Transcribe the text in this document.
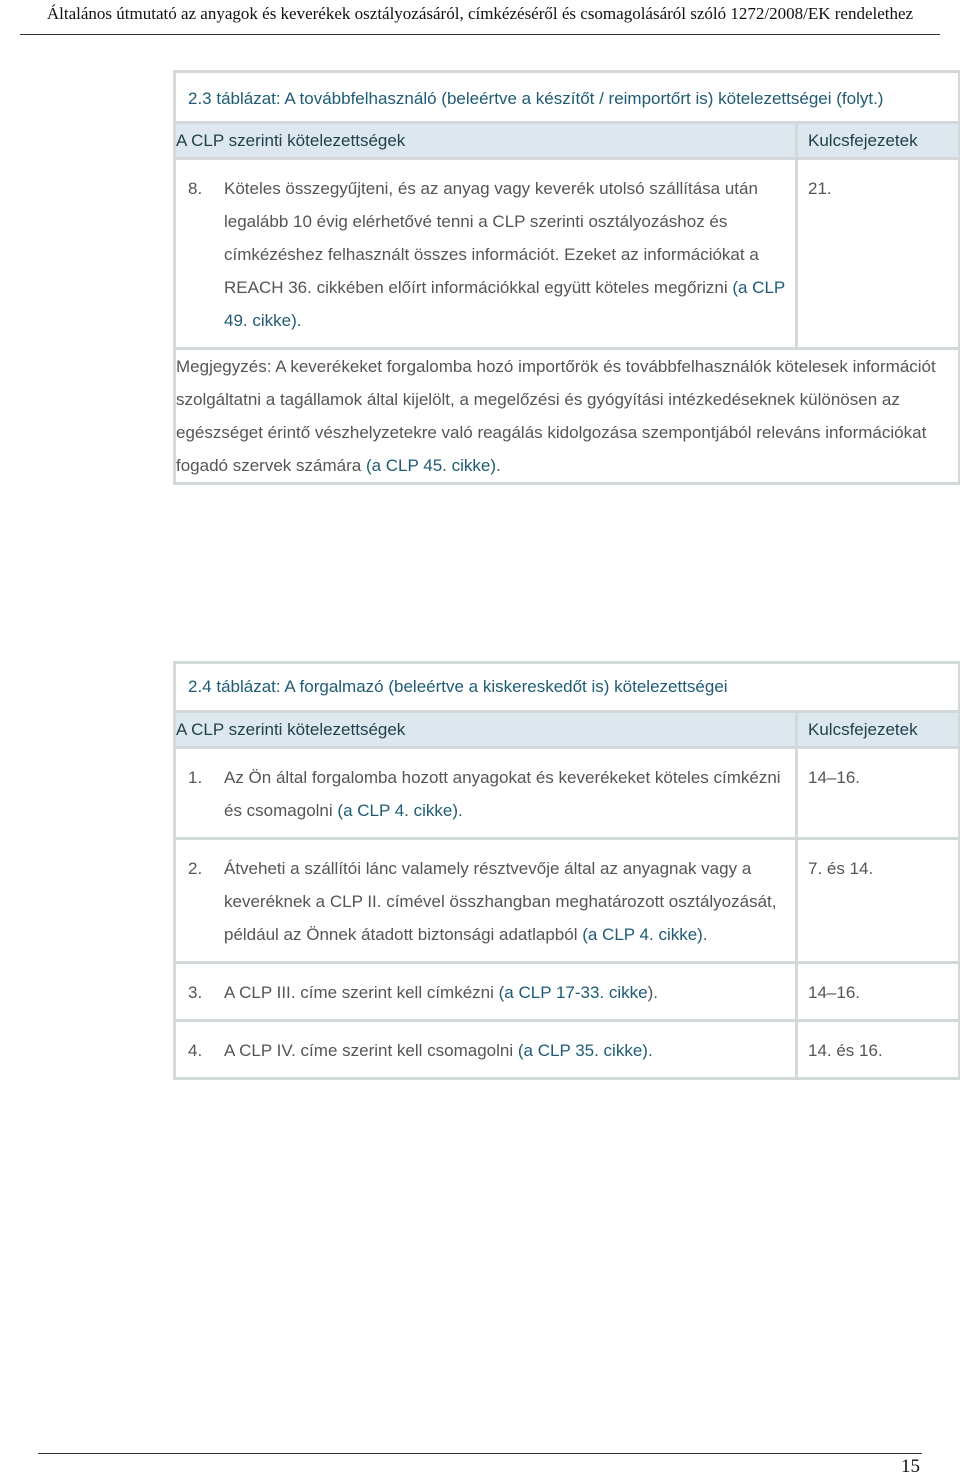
Általános útmutató az anyagok és keverékek osztályozásáról, címkézéséről és csomagolásáról szóló 1272/2008/EK rendelethez
2.3 táblázat: A továbbfelhasználó (beleértve a készítőt / reimportőrt is) kötelezettségei (folyt.)	
A CLP szerinti kötelezettségek	Kulcsfejezetek

8. Köteles összegyűjteni, és az anyag vagy keverék utolsó szállítása után legalább 10 évig elérhetővé tenni a CLP szerinti osztályozáshoz és címkézéshez felhasznált összes információt. Ezeket az információkat a REACH 36. cikkében előírt információkkal együtt köteles megőrizni (a CLP 49. cikke).	21.
Megjegyzés: A keverékeket forgalomba hozó importőrök és továbbfelhasználók kötelesek információt szolgáltatni a tagállamok által kijelölt, a megelőzési és gyógyítási intézkedéseknek különösen az egészséget érintő vészhelyzetekre való reagálás kidolgozása szempontjából releváns információkat fogadó szervek számára (a CLP 45. cikke).	
2.4 táblázat: A forgalmazó (beleértve a kiskereskedőt is) kötelezettségei	
A CLP szerinti kötelezettségek	Kulcsfejezetek

1. Az Ön által forgalomba hozott anyagokat és keverékeket köteles címkézni és csomagolni (a CLP 4. cikke).	14–16.

2. Átveheti a szállítói lánc valamely résztvevője által az anyagnak vagy a keveréknek a CLP II. címével összhangban meghatározott osztályozását, például az Önnek átadott biztonsági adatlapból (a CLP 4. cikke).	7. és 14.

3. A CLP III. címe szerint kell címkézni (a CLP 17-33. cikke).	14–16.

4. A CLP IV. címe szerint kell csomagolni (a CLP 35. cikke).	14. és 16.
15
